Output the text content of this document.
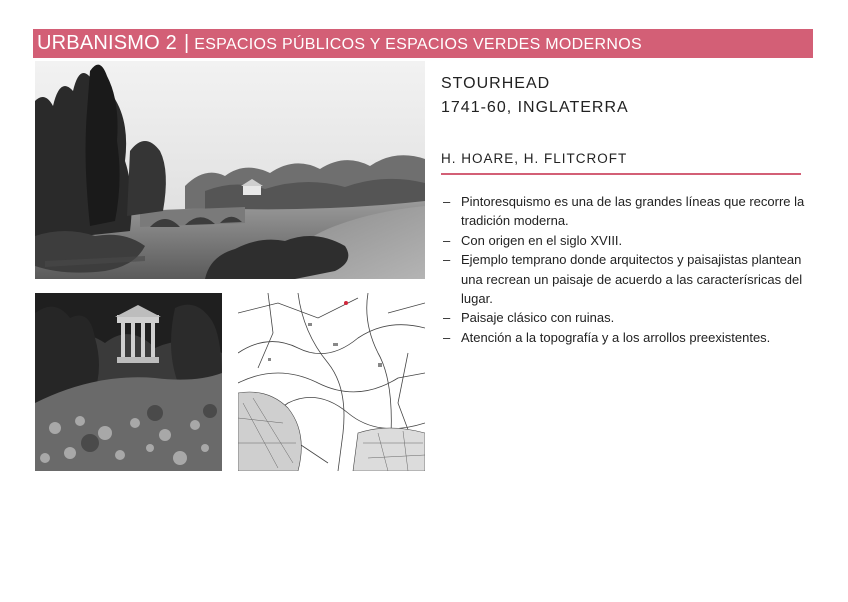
URBANISMO 2 | ESPACIOS PÚBLICOS Y ESPACIOS VERDES MODERNOS
STOURHEAD
1741-60, INGLATERRA
H. HOARE, H. FLITCROFT
– Pintoresquismo es una de las grandes líneas que recorre la tradición moderna.
– Con origen en el siglo XVIII.
– Ejemplo temprano donde arquitectos y paisajistas plantean una recrean un paisaje de acuerdo a las caracterísricas del lugar.
– Paisaje clásico con ruinas.
– Atención a la topografía y a los arrollos preexistentes.
